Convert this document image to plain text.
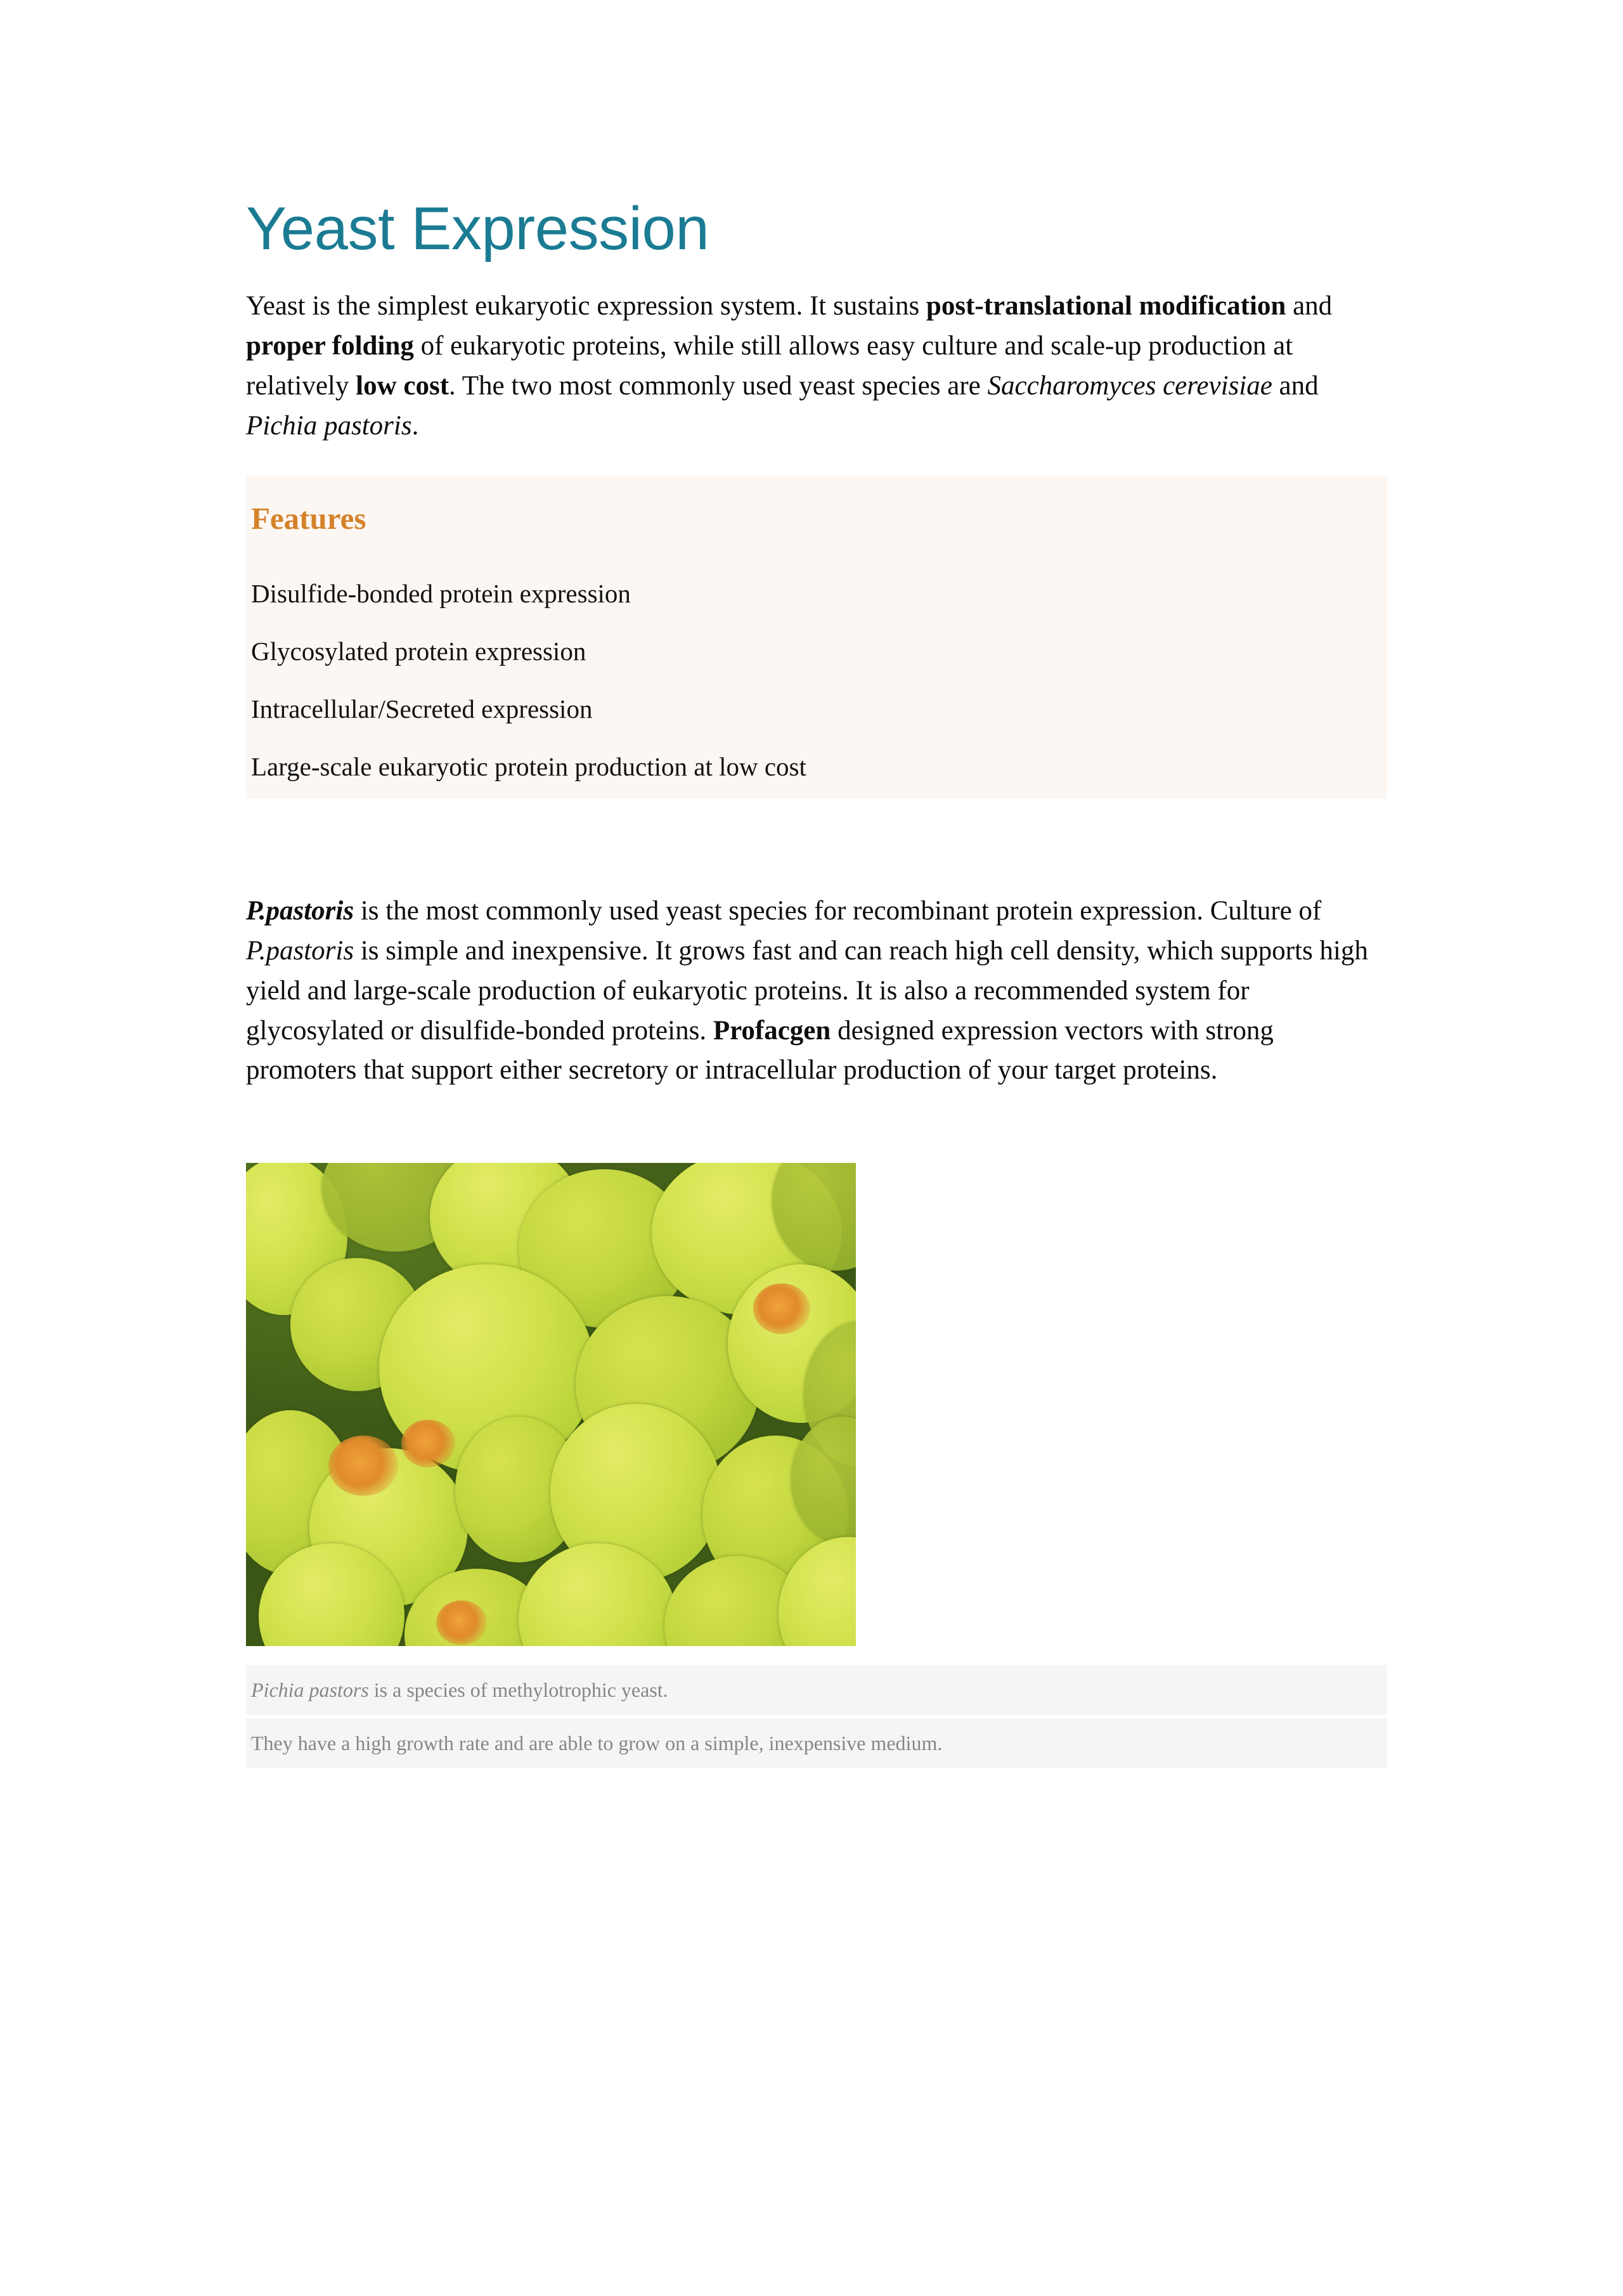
Yeast Expression

Yeast is the simplest eukaryotic expression system. It sustains post-translational modification and proper folding of eukaryotic proteins, while still allows easy culture and scale-up production at relatively low cost. The two most commonly used yeast species are Saccharomyces cerevisiae and Pichia pastoris.

Features
Disulfide-bonded protein expression
Glycosylated protein expression
Intracellular/Secreted expression
Large-scale eukaryotic protein production at low cost

P.pastoris is the most commonly used yeast species for recombinant protein expression. Culture of P.pastoris is simple and inexpensive. It grows fast and can reach high cell density, which supports high yield and large-scale production of eukaryotic proteins. It is also a recommended system for glycosylated or disulfide-bonded proteins. Profacgen designed expression vectors with strong promoters that support either secretory or intracellular production of your target proteins.

Pichia pastors is a species of methylotrophic yeast.
They have a high growth rate and are able to grow on a simple, inexpensive medium.
